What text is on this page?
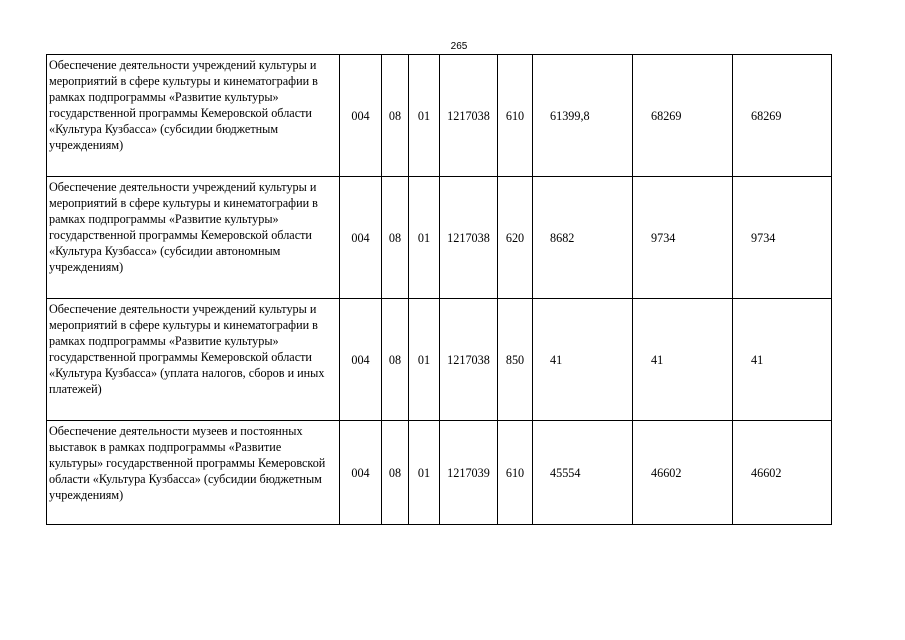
265
Обеспечение деятельности учреждений культуры и мероприятий в сфере культуры и кинематографии в рамках подпрограммы «Развитие культуры» государственной программы Кемеровской области «Культура Кузбасса» (субсидии бюджетным учреждениям)	004	08	01	1217038	610	61399,8	68269	68269
Обеспечение деятельности учреждений культуры и мероприятий в сфере культуры и кинематографии в рамках подпрограммы «Развитие культуры» государственной программы Кемеровской области «Культура Кузбасса» (субсидии автономным учреждениям)	004	08	01	1217038	620	8682	9734	9734
Обеспечение деятельности учреждений культуры и мероприятий в сфере культуры и кинематографии в рамках подпрограммы «Развитие культуры» государственной программы Кемеровской области «Культура Кузбасса» (уплата налогов, сборов и иных платежей)	004	08	01	1217038	850	41	41	41
Обеспечение деятельности музеев и постоянных выставок в рамках подпрограммы «Развитие культуры» государственной программы Кемеровской области «Культура Кузбасса» (субсидии бюджетным учреждениям)	004	08	01	1217039	610	45554	46602	46602
